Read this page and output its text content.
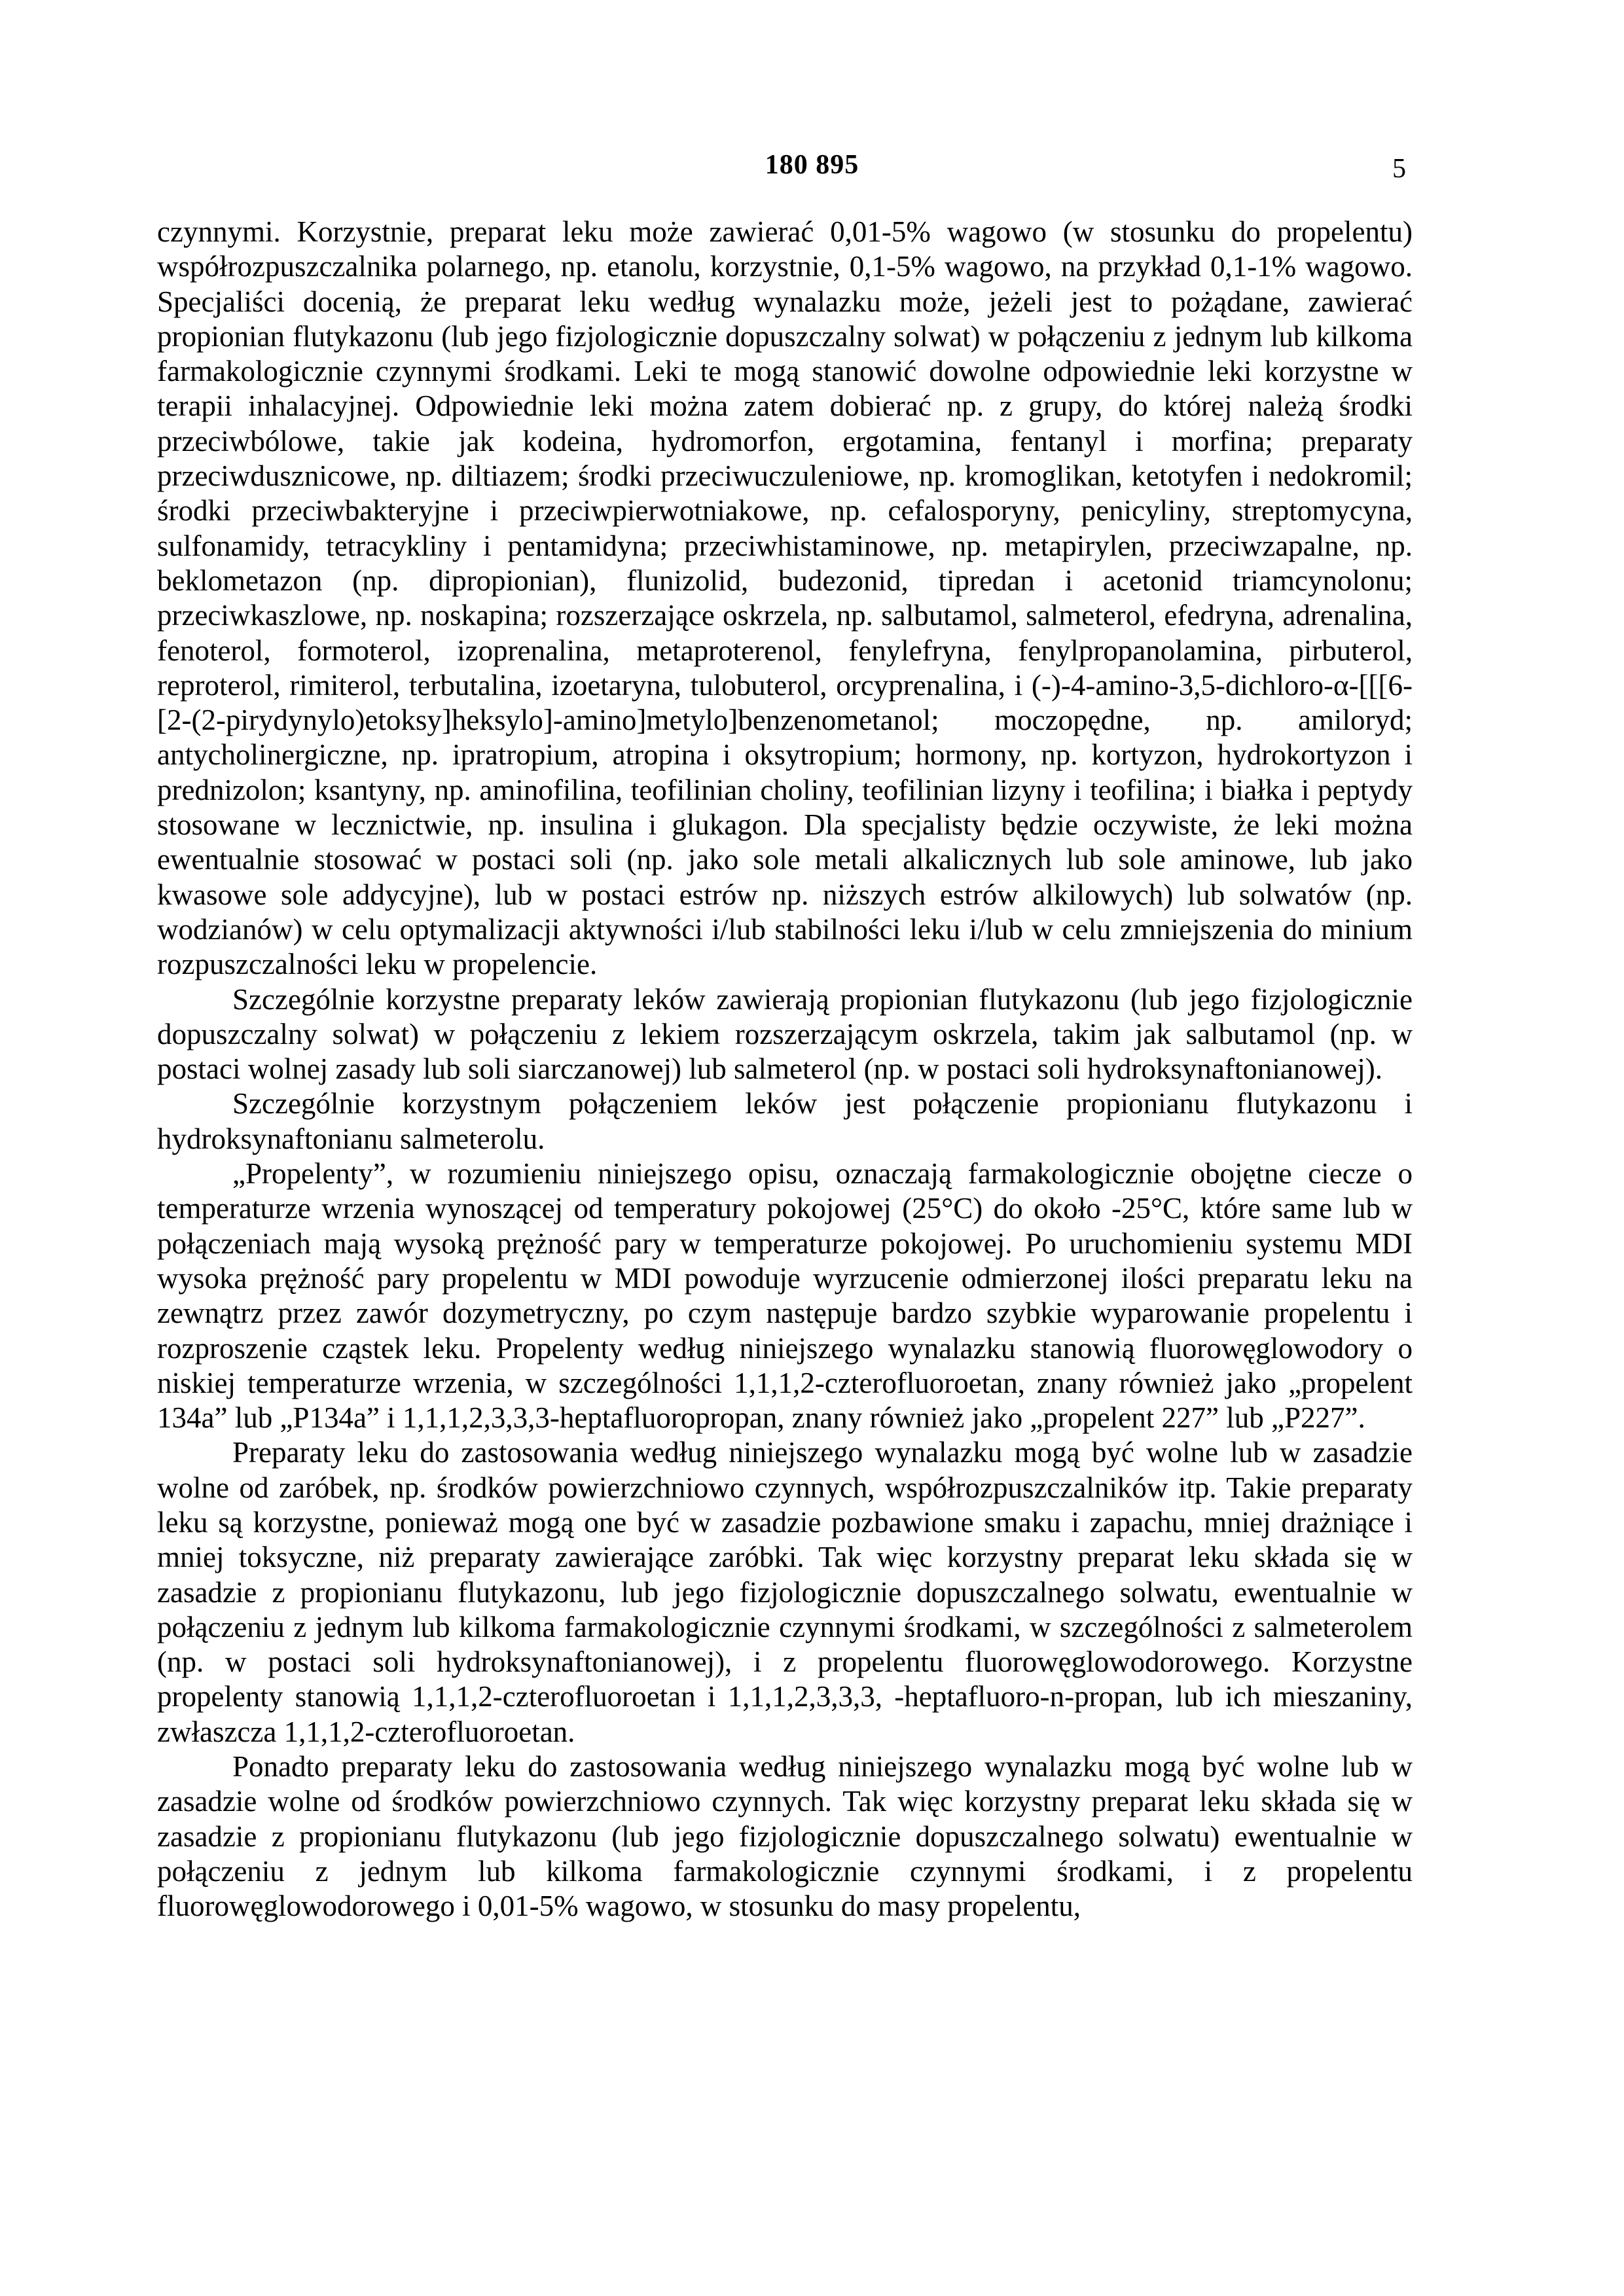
180 895	5

czynnymi. Korzystnie, preparat leku może zawierać 0,01-5% wagowo (w stosunku do propelentu) współrozpuszczalnika polarnego, np. etanolu, korzystnie, 0,1-5% wagowo, na przykład 0,1-1% wagowo. Specjaliści docenią, że preparat leku według wynalazku może, jeżeli jest to pożądane, zawierać propionian flutykazonu (lub jego fizjologicznie dopuszczalny solwat) w połączeniu z jednym lub kilkoma farmakologicznie czynnymi środkami. Leki te mogą stanowić dowolne odpowiednie leki korzystne w terapii inhalacyjnej. Odpowiednie leki można zatem dobierać np. z grupy, do której należą środki przeciwbólowe, takie jak kodeina, hydromorfon, ergotamina, fentanyl i morfina; preparaty przeciwdusznicowe, np. diltiazem; środki przeciwuczuleniowe, np. kromoglikan, ketotyfen i nedokromil; środki przeciwbakteryjne i przeciwpierwotniakowe, np. cefalosporyny, penicyliny, streptomycyna, sulfonamidy, tetracykliny i pentamidyna; przeciwhistaminowe, np. metapirylen, przeciwzapalne, np. beklometazon (np. dipropionian), flunizolid, budezonid, tipredan i acetonid triamcynolonu; przeciwkaszlowe, np. noskapina; rozszerzające oskrzela, np. salbutamol, salmeterol, efedryna, adrenalina, fenoterol, formoterol, izoprenalina, metaproterenol, fenylefryna, fenylpropanolamina, pirbuterol, reproterol, rimiterol, terbutalina, izoetaryna, tulobuterol, orcyprenalina, i (-)-4-amino-3,5-dichloro-α-[[[6-[2-(2-pirydynylo)etoksy]heksylo]-amino]metylo]benzenometanol; moczopędne, np. amiloryd; antycholinergiczne, np. ipratropium, atropina i oksytropium; hormony, np. kortyzon, hydrokortyzon i prednizolon; ksantyny, np. aminofilina, teofilinian choliny, teofilinian lizyny i teofilina; i białka i peptydy stosowane w lecznictwie, np. insulina i glukagon. Dla specjalisty będzie oczywiste, że leki można ewentualnie stosować w postaci soli (np. jako sole metali alkalicznych lub sole aminowe, lub jako kwasowe sole addycyjne), lub w postaci estrów np. niższych estrów alkilowych) lub solwatów (np. wodzianów) w celu optymalizacji aktywności i/lub stabilności leku i/lub w celu zmniejszenia do minium rozpuszczalności leku w propelencie.

Szczególnie korzystne preparaty leków zawierają propionian flutykazonu (lub jego fizjologicznie dopuszczalny solwat) w połączeniu z lekiem rozszerzającym oskrzela, takim jak salbutamol (np. w postaci wolnej zasady lub soli siarczanowej) lub salmeterol (np. w postaci soli hydroksynaftonianowej).

Szczególnie korzystnym połączeniem leków jest połączenie propionianu flutykazonu i hydroksynaftonianu salmeterolu.

„Propelenty”, w rozumieniu niniejszego opisu, oznaczają farmakologicznie obojętne ciecze o temperaturze wrzenia wynoszącej od temperatury pokojowej (25°C) do około -25°C, które same lub w połączeniach mają wysoką prężność pary w temperaturze pokojowej. Po uruchomieniu systemu MDI wysoka prężność pary propelentu w MDI powoduje wyrzucenie odmierzonej ilości preparatu leku na zewnątrz przez zawór dozymetryczny, po czym następuje bardzo szybkie wyparowanie propelentu i rozproszenie cząstek leku. Propelenty według niniejszego wynalazku stanowią fluorowęglowodory o niskiej temperaturze wrzenia, w szczególności 1,1,1,2-czterofluoroetan, znany również jako „propelent 134a” lub „P134a” i 1,1,1,2,3,3,3-heptafluoropropan, znany również jako „propelent 227” lub „P227”.

Preparaty leku do zastosowania według niniejszego wynalazku mogą być wolne lub w zasadzie wolne od zaróbek, np. środków powierzchniowo czynnych, współrozpuszczalników itp. Takie preparaty leku są korzystne, ponieważ mogą one być w zasadzie pozbawione smaku i zapachu, mniej drażniące i mniej toksyczne, niż preparaty zawierające zaróbki. Tak więc korzystny preparat leku składa się w zasadzie z propionianu flutykazonu, lub jego fizjologicznie dopuszczalnego solwatu, ewentualnie w połączeniu z jednym lub kilkoma farmakologicznie czynnymi środkami, w szczególności z salmeterolem (np. w postaci soli hydroksynaftonianowej), i z propelentu fluorowęglowodorowego. Korzystne propelenty stanowią 1,1,1,2-czterofluoroetan i 1,1,1,2,3,3,3, -heptafluoro-n-propan, lub ich mieszaniny, zwłaszcza 1,1,1,2-czterofluoroetan.

Ponadto preparaty leku do zastosowania według niniejszego wynalazku mogą być wolne lub w zasadzie wolne od środków powierzchniowo czynnych. Tak więc korzystny preparat leku składa się w zasadzie z propionianu flutykazonu (lub jego fizjologicznie dopuszczalnego solwatu) ewentualnie w połączeniu z jednym lub kilkoma farmakologicznie czynnymi środkami, i z propelentu fluorowęglowodorowego i 0,01-5% wagowo, w stosunku do masy propelentu,
